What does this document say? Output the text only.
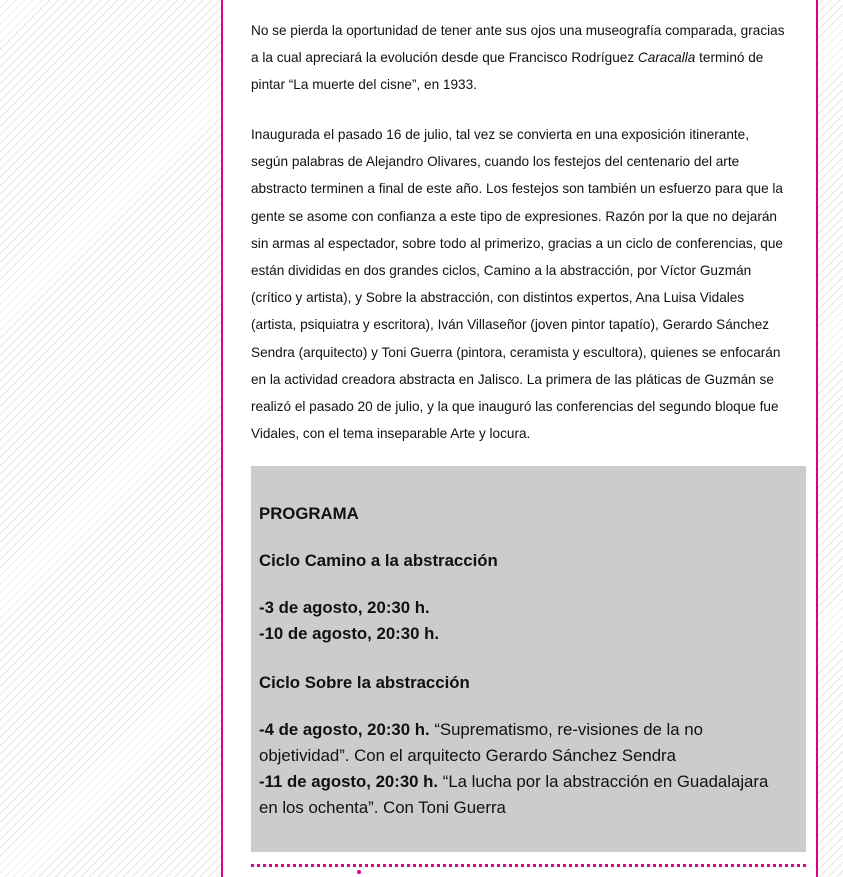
No se pierda la oportunidad de tener ante sus ojos una museografía comparada, gracias a la cual apreciará la evolución desde que Francisco Rodríguez Caracalla terminó de pintar “La muerte del cisne”, en 1933.

Inaugurada el pasado 16 de julio, tal vez se convierta en una exposición itinerante, según palabras de Alejandro Olivares, cuando los festejos del centenario del arte abstracto terminen a final de este año. Los festejos son también un esfuerzo para que la gente se asome con confianza a este tipo de expresiones. Razón por la que no dejarán sin armas al espectador, sobre todo al primerizo, gracias a un ciclo de conferencias, que están divididas en dos grandes ciclos, Camino a la abstracción, por Víctor Guzmán (crítico y artista), y Sobre la abstracción, con distintos expertos, Ana Luisa Vidales (artista, psiquiatra y escritora), Iván Villaseñor (joven pintor tapatío), Gerardo Sánchez Sendra (arquitecto) y Toni Guerra (pintora, ceramista y escultora), quienes se enfocarán en la actividad creadora abstracta en Jalisco. La primera de las pláticas de Guzmán se realizó el pasado 20 de julio, y la que inauguró las conferencias del segundo bloque fue Vidales, con el tema inseparable Arte y locura.

PROGRAMA

Ciclo Camino a la abstracción

-3 de agosto, 20:30 h.
-10 de agosto, 20:30 h.

Ciclo Sobre la abstracción

-4 de agosto, 20:30 h. “Suprematismo, re-visiones de la no objetividad”. Con el arquitecto Gerardo Sánchez Sendra
-11 de agosto, 20:30 h. “La lucha por la abstracción en Guadalajara en los ochenta”. Con Toni Guerra
